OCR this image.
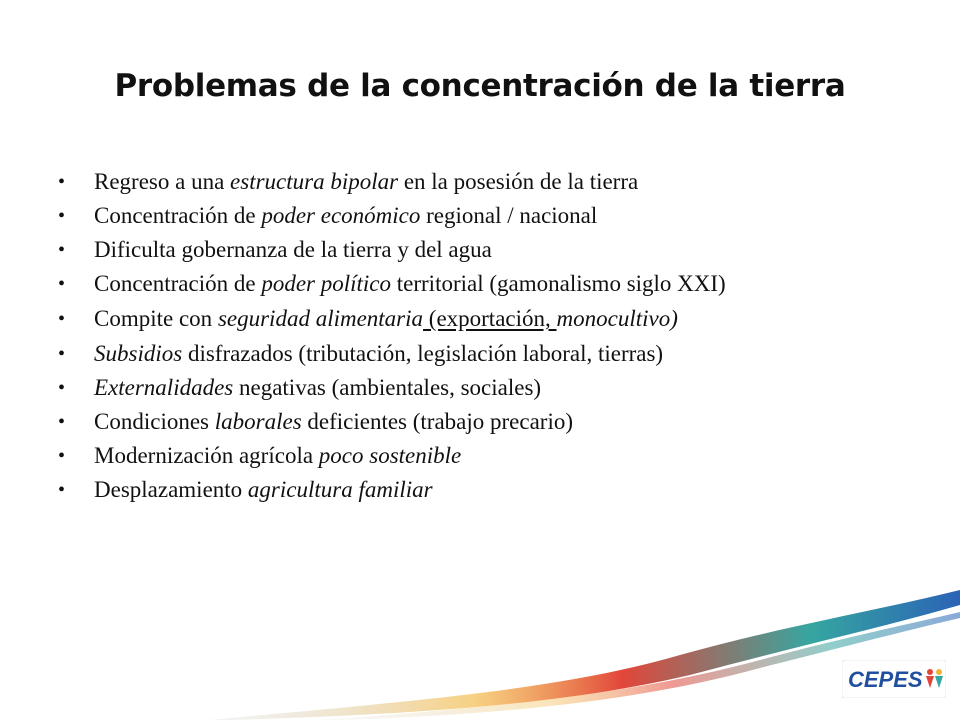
Problemas de la concentración de la tierra
• Regreso a una estructura bipolar en la posesión de la tierra
• Concentración de poder económico regional / nacional
• Dificulta gobernanza de la tierra y del agua
• Concentración de poder político territorial (gamonalismo siglo XXI)
• Compite con seguridad alimentaria (exportación, monocultivo)
• Subsidios disfrazados (tributación, legislación laboral, tierras)
• Externalidades negativas (ambientales, sociales)
• Condiciones laborales deficientes (trabajo precario)
• Modernización agrícola poco sostenible
• Desplazamiento agricultura familiar
CEPES
